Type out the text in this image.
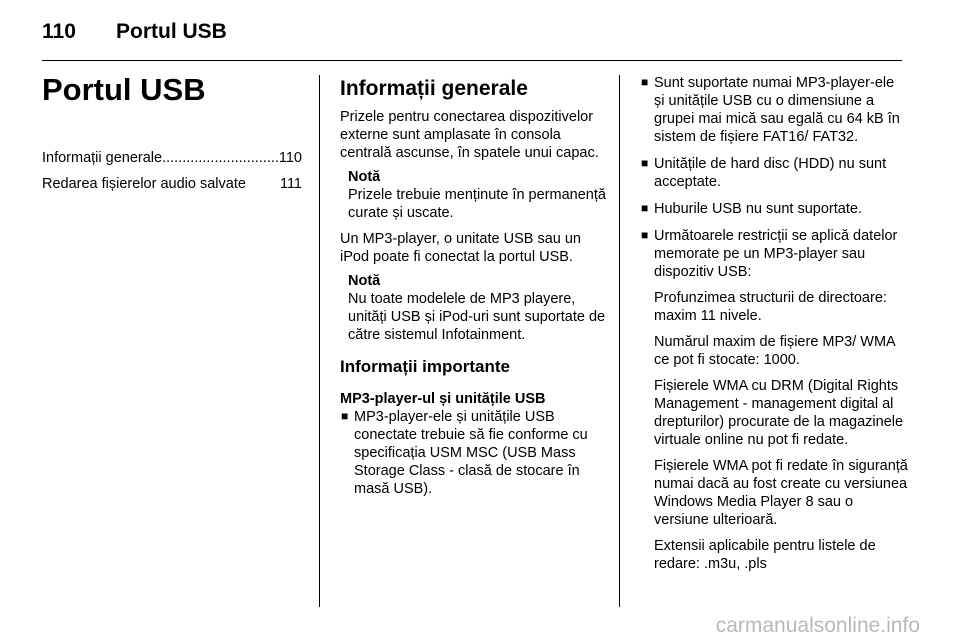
110 Portul USB
Portul USB
Informații generale
.....	110
Redarea fișierelor audio salvate 111
Informații generale

Prizele pentru conectarea dispozitivelor externe sunt amplasate în consola centrală ascunse, în spatele unui capac.

Notă
Prizele trebuie menținute în permanență curate și uscate.

Un MP3-player, o unitate USB sau un iPod poate fi conectat la portul USB.

Notă
Nu toate modelele de MP3 playere, unități USB și iPod-uri sunt suportate de către sistemul Infotainment.
Informații importante
MP3-player-ul și unitățile USB
■ MP3-player-ele și unitățile USB conectate trebuie să fie conforme cu specificația USM MSC (USB Mass Storage Class - clasă de stocare în masă USB).
■ Sunt suportate numai MP3-player-ele și unitățile USB cu o dimensiune a grupei mai mică sau egală cu 64 kB în sistem de fișiere FAT16/ FAT32.
■ Unitățile de hard disc (HDD) nu sunt acceptate.
■ Huburile USB nu sunt suportate.
■ Următoarele restricții se aplică datelor memorate pe un MP3-player sau dispozitiv USB:
Profunzimea structurii de directoare: maxim 11 nivele.
Numărul maxim de fișiere MP3/ WMA ce pot fi stocate: 1000.
Fișierele WMA cu DRM (Digital Rights Management - management digital al drepturilor) procurate de la magazinele virtuale online nu pot fi redate.
Fișierele WMA pot fi redate în siguranță numai dacă au fost create cu versiunea Windows Media Player 8 sau o versiune ulterioară.
Extensii aplicabile pentru listele de redare: .m3u, .pls
carmanualsonline.info
